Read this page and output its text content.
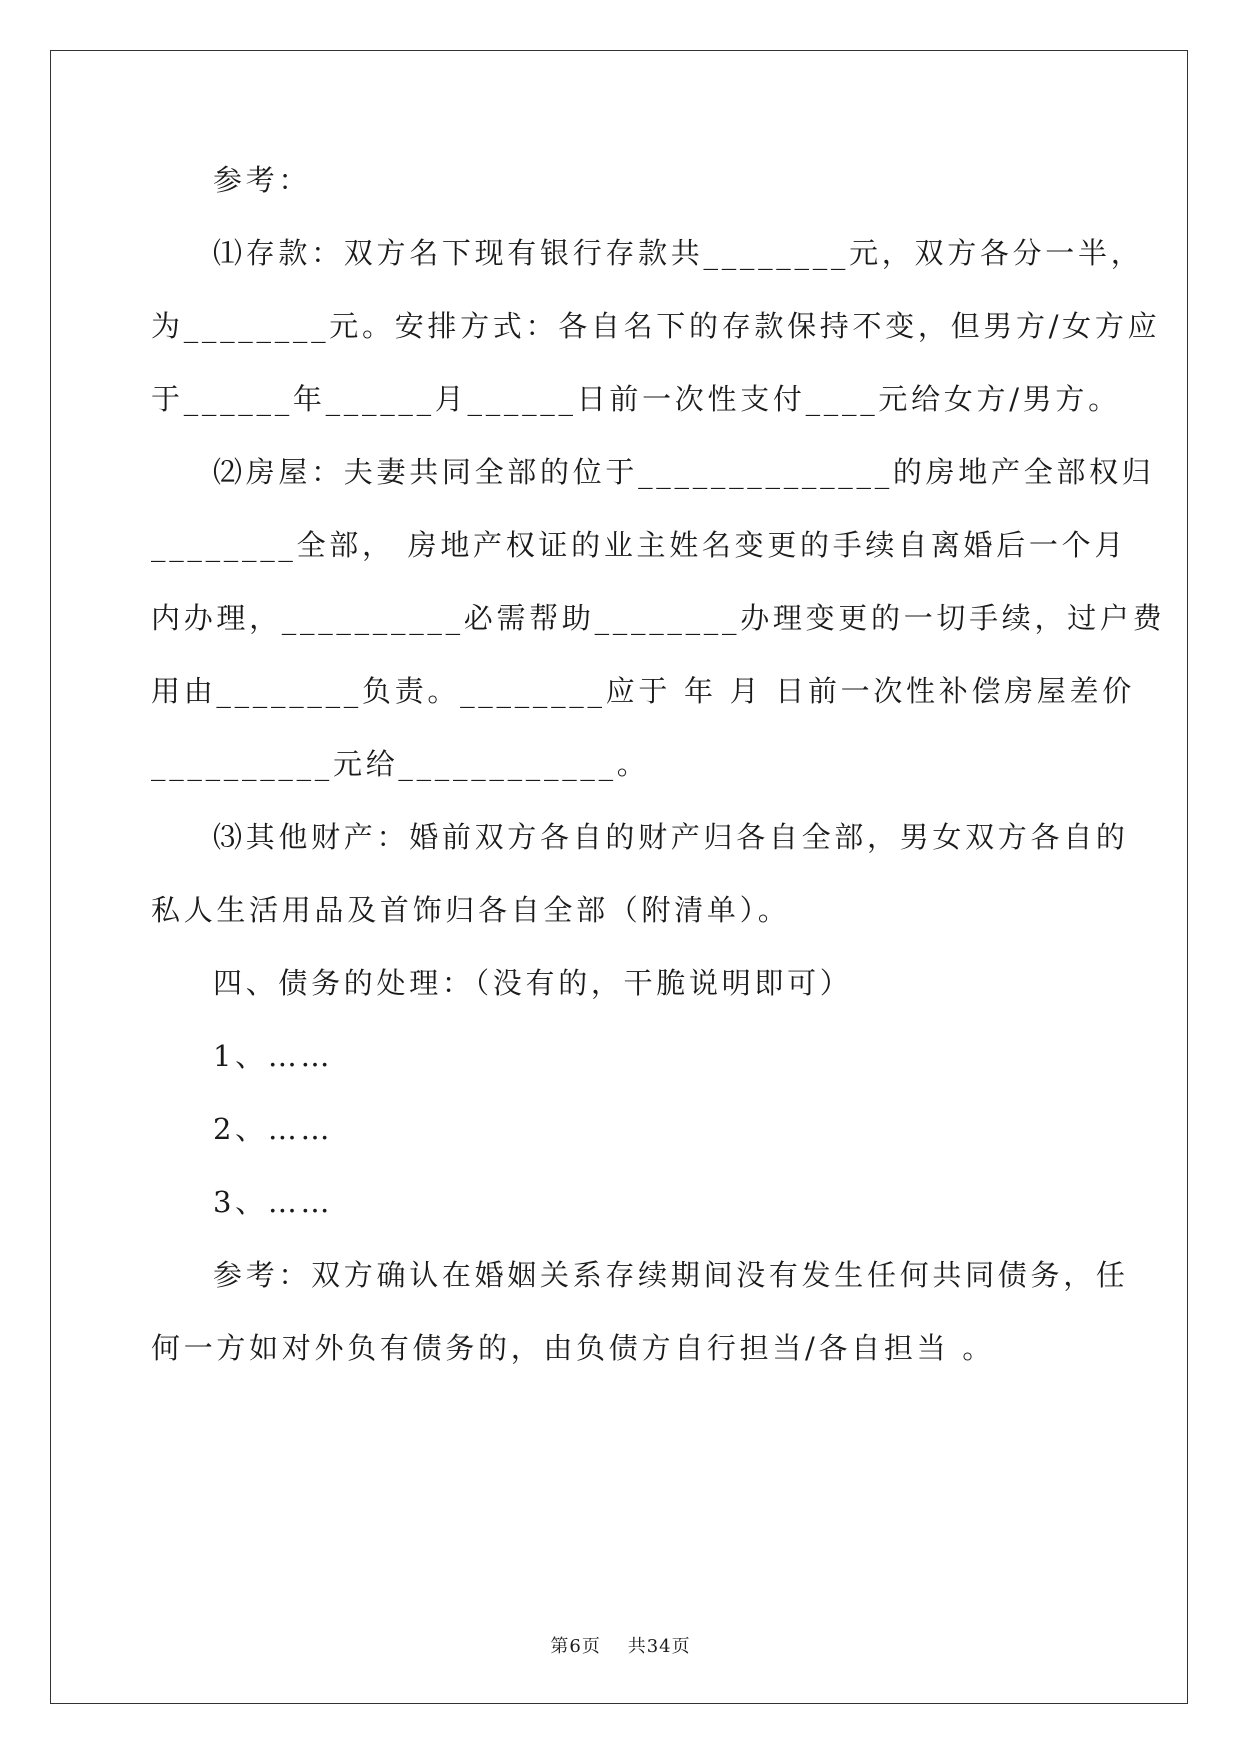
参考：
⑴存款：双方名下现有银行存款共________元，双方各分一半，
为________元。安排方式：各自名下的存款保持不变，但男方/女方应
于______年______月______日前一次性支付____元给女方/男方。
⑵房屋：夫妻共同全部的位于______________的房地产全部权归
________全部， 房地产权证的业主姓名变更的手续自离婚后一个月
内办理，__________必需帮助________办理变更的一切手续，过户费
用由________负责。________应于 年 月 日前一次性补偿房屋差价
__________元给____________。
⑶其他财产：婚前双方各自的财产归各自全部，男女双方各自的
私人生活用品及首饰归各自全部（附清单）。
四、债务的处理：（没有的，干脆说明即可）
1、……
2、……
3、……
参考：双方确认在婚姻关系存续期间没有发生任何共同债务，任
何一方如对外负有债务的，由负债方自行担当/各自担当 。
第6页    共34页
